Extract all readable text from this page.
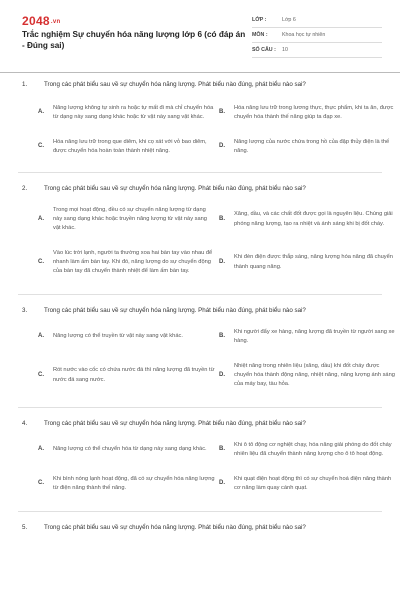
2048.vn
Trắc nghiệm Sự chuyển hóa năng lượng lớp 6 (có đáp án - Đúng sai)
LỚP :	Lớp 6
MÔN :	Khoa học tự nhiên
SỐ CÂU :	10
1.	Trong các phát biểu sau về sự chuyển hóa năng lượng. Phát biểu nào đúng, phát biểu nào sai?
A.
Năng lượng không tự sinh ra hoặc tự mất đi mà chỉ chuyển hóa từ dạng này sang dạng khác hoặc từ vật này sang vật khác.
B.
Hóa năng lưu trữ trong lương thực, thực phẩm, khi ta ăn, được chuyển hóa thành thế năng giúp ta đạp xe.
C.
Hóa năng lưu trữ trong que diêm, khi cọ xát với vỏ bao diêm, được chuyển hóa hoàn toàn thành nhiệt năng.
D.
Năng lượng của nước chứa trong hồ của đập thủy điện là thế năng.
2.	Trong các phát biểu sau về sự chuyển hóa năng lượng. Phát biểu nào đúng, phát biểu nào sai?
A.
Trong mọi hoạt động, đều có sự chuyển năng lượng từ dạng này sang dạng khác hoặc truyền năng lượng từ vật này sang vật khác.
B.
Xăng, dầu, và các chất đốt được gọi là nguyên liệu. Chúng giải phóng năng lượng, tạo ra nhiệt và ánh sáng khi bị đốt cháy.
C.
Vào lúc trời lạnh, người ta thường xoa hai bàn tay vào nhau để nhanh làm ấm bàn tay. Khi đó, năng lượng do sự chuyển động của bàn tay đã chuyển thành nhiệt để làm ấm bàn tay.
D.
Khi đèn điện được thắp sáng, năng lượng hóa năng đã chuyển thành quang năng.
3.	Trong các phát biểu sau về sự chuyển hóa năng lượng. Phát biểu nào đúng, phát biểu nào sai?
A.	Năng lượng có thể truyền từ vật này sang vật khác.	B.
Khi người đẩy xe hàng, năng lượng đã truyền từ người sang xe hàng.
C.
Rót nước vào cốc có chứa nước đá thì năng lượng đã truyền từ nước đá sang nước.
D.
Nhiệt năng trong nhiên liệu (xăng, dầu) khi đốt cháy được chuyển hóa thành động năng, nhiệt năng, năng lượng ánh sáng của máy bay, tàu hỏa.
4.	Trong các phát biểu sau về sự chuyển hóa năng lượng. Phát biểu nào đúng, phát biểu nào sai?
A.	Năng lượng có thể chuyển hóa từ dạng này sang dạng khác.	B.
Khi ô tô động cơ nghiệt chạy, hóa năng giải phóng do đốt cháy nhiên liệu đã chuyển thành năng lượng cho ô tô hoạt động.
C.
Khi bình nóng lạnh hoạt động, đã có sự chuyển hóa năng lượng từ điện năng thành thế năng.
D.
Khi quạt điện hoạt động thì có sự chuyển hoá điện năng thành cơ năng làm quay cánh quạt.
5.	Trong các phát biểu sau về sự chuyển hóa năng lượng. Phát biểu nào đúng, phát biểu nào sai?
